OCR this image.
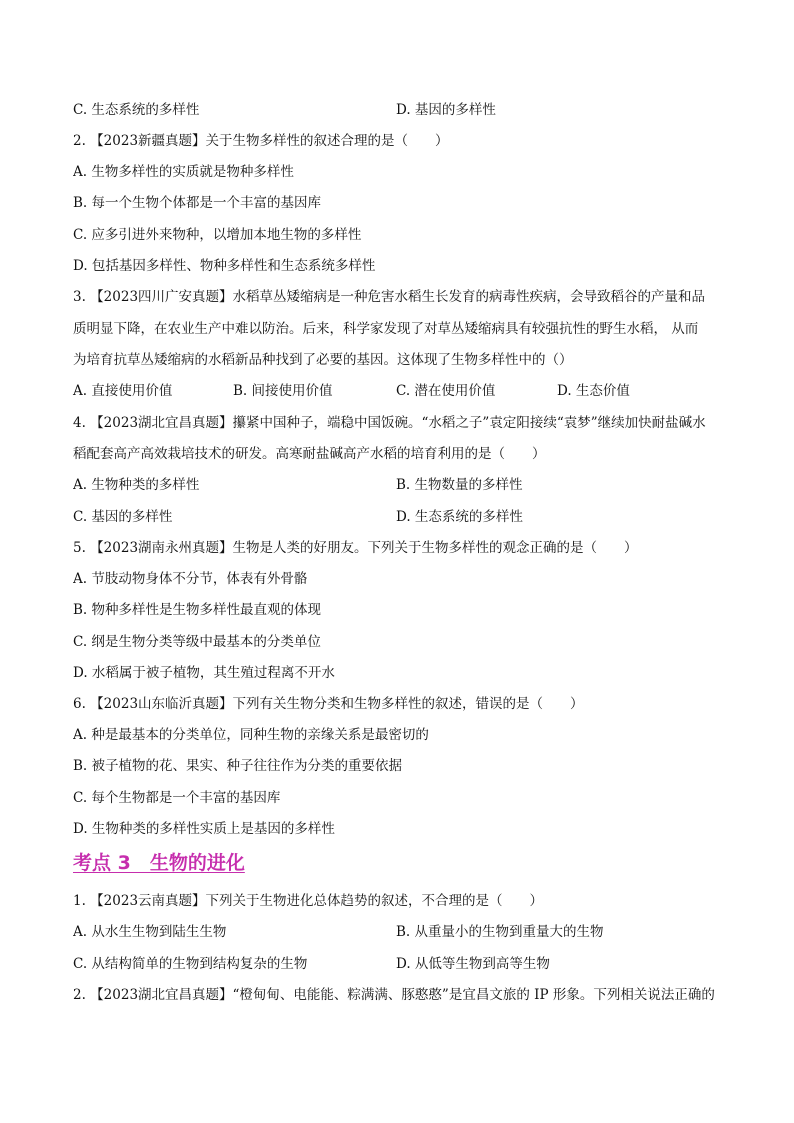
C. 生态系统的多样性	D. 基因的多样性
2. 【2023新疆真题】关于生物多样性的叙述合理的是（　　）
A. 生物多样性的实质就是物种多样性
B. 每一个生物个体都是一个丰富的基因库
C. 应多引进外来物种，以增加本地生物的多样性
D. 包括基因多样性、物种多样性和生态系统多样性
3. 【2023四川广安真题】水稻草丛矮缩病是一种危害水稻生长发育的病毒性疾病，会导致稻谷的产量和品
质明显下降，在农业生产中难以防治。后来，科学家发现了对草丛矮缩病具有较强抗性的野生水稻， 从而
为培育抗草丛矮缩病的水稻新品种找到了必要的基因。这体现了生物多样性中的（）
A. 直接使用价值	B. 间接使用价值	C. 潜在使用价值	D. 生态价值
4. 【2023湖北宜昌真题】攥紧中国种子，端稳中国饭碗。“水稻之子”袁定阳接续“袁梦”继续加快耐盐碱水
稻配套高产高效栽培技术的研发。高寒耐盐碱高产水稻的培育利用的是（　　）
A. 生物种类的多样性	B. 生物数量的多样性
C. 基因的多样性	D. 生态系统的多样性
5. 【2023湖南永州真题】生物是人类的好朋友。下列关于生物多样性的观念正确的是（　　）
A. 节肢动物身体不分节，体表有外骨骼
B. 物种多样性是生物多样性最直观的体现
C. 纲是生物分类等级中最基本的分类单位
D. 水稻属于被子植物，其生殖过程离不开水
6. 【2023山东临沂真题】下列有关生物分类和生物多样性的叙述，错误的是（　　）
A. 种是最基本的分类单位，同种生物的亲缘关系是最密切的
B. 被子植物的花、果实、种子往往作为分类的重要依据
C. 每个生物都是一个丰富的基因库
D. 生物种类的多样性实质上是基因的多样性
考点 3　生物的进化
1. 【2023云南真题】下列关于生物进化总体趋势的叙述，不合理的是（　　）
A. 从水生生物到陆生生物	B. 从重量小的生物到重量大的生物
C. 从结构简单的生物到结构复杂的生物	D. 从低等生物到高等生物
2. 【2023湖北宜昌真题】“橙甸甸、电能能、粽满满、豚憨憨”是宜昌文旅的 IP 形象。下列相关说法正确的
